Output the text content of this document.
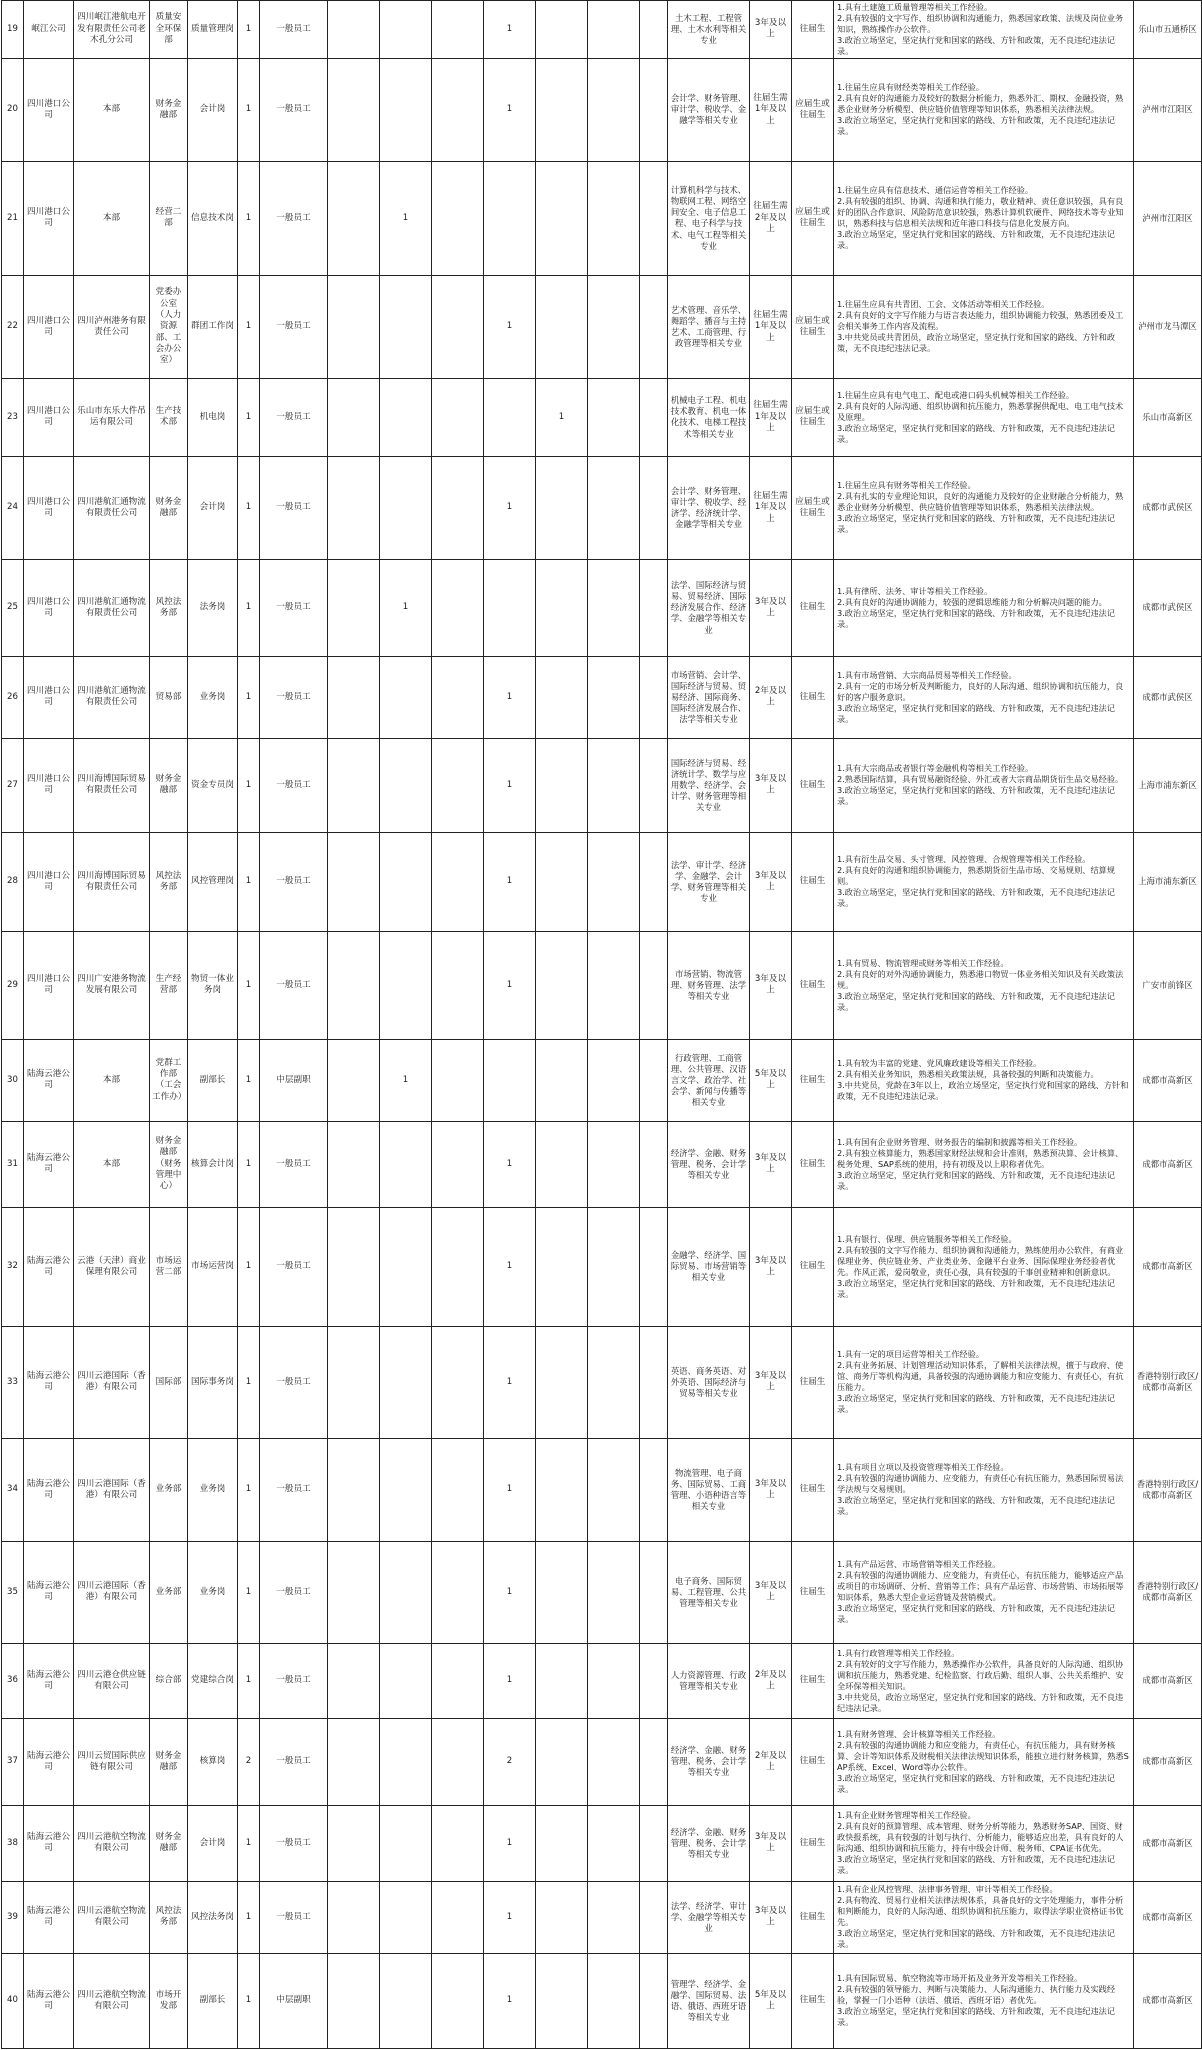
19	岷江公司	四川岷江港航电开发有限责任公司老木孔分公司	质量安全环保部	质量管理岗	1	一般员工				1				土木工程、工程管理、土木水利等相关专业	3年及以上	往届生	1.具有土建施工质量管理等相关工作经验。
2.具有较强的文字写作、组织协调和沟通能力，熟悉国家政策、法规及岗位业务知识，熟练操作办公软件。
3.政治立场坚定，坚定执行党和国家的路线、方针和政策，无不良违纪违法记录。	乐山市五通桥区
20	四川港口公司	本部	财务金融部	会计岗	1	一般员工				1				会计学、财务管理、审计学、税收学、金融学等相关专业	往届生需1年及以上	应届生或往届生	1.往届生应具有财经类等相关工作经验。
2.具有良好的沟通能力及较好的数据分析能力，熟悉外汇、期权、金融投资，熟悉企业财务分析模型、供应链价值管理等知识体系，熟悉相关法律法规。
3.政治立场坚定，坚定执行党和国家的路线、方针和政策，无不良违纪违法记录。	泸州市江阳区
21	四川港口公司	本部	经营二部	信息技术岗	1	一般员工		1						计算机科学与技术、物联网工程、网络空间安全、电子信息工程、电子科学与技术、电气工程等相关专业	往届生需2年及以上	应届生或往届生	1.往届生应具有信息技术、通信运营等相关工作经验。
2.具有较强的组织、协调、沟通和执行能力，敬业精神、责任意识较强，具有良好的团队合作意识、风险防范意识较强，熟悉计算机软硬件、网络技术等专业知识，熟悉科技与信息相关法规和近年港口科技与信息化发展方向。
3.政治立场坚定，坚定执行党和国家的路线、方针和政策，无不良违纪违法记录。	泸州市江阳区
22	四川港口公司	四川泸州港务有限责任公司	党委办公室（人力资源部、工会办公室）	群团工作岗	1	一般员工				1				艺术管理、音乐学、舞蹈学、播音与主持艺术、工商管理、行政管理等相关专业	往届生需1年及以上	应届生或往届生	1.往届生应具有共青团、工会、文体活动等相关工作经验。
2.具有良好的文字写作能力与语言表达能力，组织协调能力较强，熟悉团委及工会相关事务工作内容及流程。
3.中共党员或共青团员，政治立场坚定，坚定执行党和国家的路线、方针和政策，无不良违纪违法记录。	泸州市龙马潭区
23	四川港口公司	乐山市东乐大件吊运有限公司	生产技术部	机电岗	1	一般员工					1			机械电子工程、机电技术教育、机电一体化技术、电梯工程技术等相关专业	往届生需1年及以上	应届生或往届生	1.往届生应具有电气电工、配电或港口码头机械等相关工作经验。
2.具有良好的人际沟通、组织协调和抗压能力，熟悉掌握供配电、电工电气技术及原理。
3.政治立场坚定，坚定执行党和国家的路线、方针和政策，无不良违纪违法记录。	乐山市高新区
24	四川港口公司	四川港航汇通物流有限责任公司	财务金融部	会计岗	1	一般员工				1				会计学、财务管理、审计学、税收学、经济学、经济统计学、金融学等相关专业	往届生需1年及以上	应届生或往届生	1.往届生应具有财务等相关工作经验。
2.具有扎实的专业理论知识，良好的沟通能力及较好的企业财融合分析能力，熟悉企业财务分析模型、供应链价值管理等知识体系，熟悉相关法律法规。
3.政治立场坚定，坚定执行党和国家的路线、方针和政策，无不良违纪违法记录。	成都市武侯区
25	四川港口公司	四川港航汇通物流有限责任公司	风控法务部	法务岗	1	一般员工		1						法学、国际经济与贸易、贸易经济、国际经济发展合作、经济学、金融学等相关专业	3年及以上	往届生	1.具有律所、法务、审计等相关工作经验。
2.具有良好的沟通协调能力，较强的逻辑思维能力和分析解决问题的能力。
3.政治立场坚定，坚定执行党和国家的路线、方针和政策，无不良违纪违法记录。	成都市武侯区
26	四川港口公司	四川港航汇通物流有限责任公司	贸易部	业务岗	1	一般员工				1				市场营销、会计学、国际经济与贸易、贸易经济、国际商务、国际经济发展合作、法学等相关专业	2年及以上	往届生	1.具有市场营销、大宗商品贸易等相关工作经验。
2.具有一定的市场分析及判断能力，良好的人际沟通、组织协调和抗压能力，良好的客户服务意识。
3.政治立场坚定，坚定执行党和国家的路线、方针和政策，无不良违纪违法记录。	成都市武侯区
27	四川港口公司	四川海博国际贸易有限责任公司	财务金融部	资金专员岗	1	一般员工				1				国际经济与贸易、经济统计学、数学与应用数学、经济学、会计学、财务管理等相关专业	3年及以上	往届生	1.具有大宗商品或者银行等金融机构等相关工作经验。
2.熟悉国际结算，具有贸易融资经验、外汇或者大宗商品期货衍生品交易经验。
3.政治立场坚定，坚定执行党和国家的路线、方针和政策，无不良违纪违法记录。	上海市浦东新区
28	四川港口公司	四川海博国际贸易有限责任公司	风控法务部	风控管理岗	1	一般员工				1				法学、审计学、经济学、金融学、会计学、财务管理等相关专业	3年及以上	往届生	1.具有衍生品交易、头寸管理、风控管理、合规管理等相关工作经验。
2.具有良好的沟通和组织协调能力，熟悉期货衍生品市场、交易规则、结算规则。
3.政治立场坚定，坚定执行党和国家的路线、方针和政策，无不良违纪违法记录。	上海市浦东新区
29	四川港口公司	四川广安港务物流发展有限公司	生产经营部	物贸一体业务岗	1	一般员工				1				市场营销、物流管理、财务管理、法学等相关专业	3年及以上	往届生	1.具有贸易、物流管理或财务等相关工作经验。
2.具有良好的对外沟通协调能力，熟悉港口物贸一体业务相关知识及有关政策法规。
3.政治立场坚定，坚定执行党和国家的路线、方针和政策，无不良违纪违法记录。	广安市前锋区
30	陆海云港公司	本部	党群工作部（工会工作办）	副部长	1	中层副职		1						行政管理、工商管理、公共管理、汉语言文学、政治学、社会学、新闻与传播等相关专业	5年及以上	往届生	1.具有较为丰富的党建、党风廉政建设等相关工作经验。
2.具有相关业务知识，熟悉相关政策法规，具备较强的判断和决策能力。
3.中共党员，党龄在3年以上，政治立场坚定，坚定执行党和国家的路线、方针和政策，无不良违纪违法记录。	成都市高新区
31	陆海云港公司	本部	财务金融部（财务管理中心）	核算会计岗	1	一般员工				1				经济学、金融、财务管理、税务、会计学等相关专业	3年及以上	往届生	1.具有国有企业财务管理、财务报告的编制和披露等相关工作经验。
2.具有独立核算能力，熟悉国家财经法规和会计准则，熟悉预决算、会计核算、税务处理、SAP系统的使用，持有初级及以上职称者优先。
3.政治立场坚定，坚定执行党和国家的路线、方针和政策，无不良违纪违法记录。	成都市高新区
32	陆海云港公司	云港（天津）商业保理有限公司	市场运营二部	市场运营岗	1	一般员工				1				金融学、经济学、国际贸易、市场营销等相关专业	3年及以上	往届生	1.具有银行、保理、供应链服务等相关工作经验。
2.具有较强的文字写作能力、组织协调和沟通能力，熟练使用办公软件，有商业保理业务、供应链业务、产业类业务、金融平台业务、国际保理业务经验者优先。作风正派，爱岗敬业，责任心强，具有较强的干事创业精神和创新意识。
3.政治立场坚定，坚定执行党和国家的路线、方针和政策，无不良违纪违法记录。	成都市高新区
33	陆海云港公司	四川云港国际（香港）有限公司	国际部	国际事务岗	1	一般员工				1				英语、商务英语、对外英语、国际经济与贸易等相关专业	3年及以上	往届生	1.具有一定的项目运营等相关工作经验。
2.具有业务拓展、计划管理活动知识体系，了解相关法律法规，擅于与政府、使馆、商务厅等机构沟通，具备较强的沟通协调能力和应变能力、有责任心，有抗压能力。
3.政治立场坚定，坚定执行党和国家的路线、方针和政策，无不良违纪违法记录。	香港特别行政区/成都市高新区
34	陆海云港公司	四川云港国际（香港）有限公司	业务部	业务岗	1	一般员工				1				物流管理、电子商务、国际贸易、工商管理、小语种语言等相关专业	3年及以上	往届生	1.具有项目立项以及投资管理等相关工作经验。
2.具有较强的沟通协调能力、应变能力，有责任心有抗压能力，熟悉国际贸易法学法规与交易规则。
3.政治立场坚定，坚定执行党和国家的路线、方针和政策，无不良违纪违法记录。	香港特别行政区/成都市高新区
35	陆海云港公司	四川云港国际（香港）有限公司	业务部	业务岗	1	一般员工				1				电子商务、国际贸易、工程管理、公共管理等相关专业	3年及以上	往届生	1.具有产品运营、市场营销等相关工作经验。
2.具有较强的沟通协调能力、应变能力，有责任心，有抗压能力，能够适应产品或项目的市场调研、分析、营销等工作；具有产品运营、市场营销、市场拓展等知识体系，熟悉大型企业运营链及营销模式。
3.政治立场坚定，坚定执行党和国家的路线、方针和政策，无不良违纪违法记录。	香港特别行政区/成都市高新区
36	陆海云港公司	四川云港仓供应链有限公司	综合部	党建综合岗	1	一般员工				1				人力资源管理、行政管理等相关专业	2年及以上	往届生	1.具有行政管理等相关工作经验。
2.具有较好的文字写作能力，熟悉操作办公软件，具备良好的人际沟通、组织协调和抗压能力，熟悉党建、纪检监察、行政后勤、组织人事、公共关系维护、安全环保等相关知识。
3.中共党员，政治立场坚定，坚定执行党和国家的路线、方针和政策，无不良违纪违法记录。	成都市高新区
37	陆海云港公司	四川云贸国际供应链有限公司	财务金融部	核算岗	2	一般员工				2				经济学、金融、财务管理、税务、会计学等相关专业	2年及以上	往届生	1.具有财务管理、会计核算等相关工作经验。
2.具有较强的沟通协调能力和应变能力，有责任心，有抗压能力，具有财务核算、会计等知识体系及财税相关法律法规知识体系，能独立进行财务核算，熟悉SAP系统、Excel、Word等办公软件。
3.政治立场坚定，坚定执行党和国家的路线、方针和政策，无不良违纪违法记录。	成都市高新区
38	陆海云港公司	四川云港航空物流有限公司	财务金融部	会计岗	1	一般员工				1				经济学、金融、财务管理、税务、会计学等相关专业	3年及以上	往届生	1.具有企业财务管理等相关工作经验。
2.具有良好的预算管理、成本管理、财务分析等能力，熟悉财务SAP、国资、财政快报系统，具有较强的计划与执行、分析能力，能够适应出差，具有良好的人际沟通、组织协调和抗压能力，持有中级会计师、税务师、CPA证书优先。
3.政治立场坚定，坚定执行党和国家的路线、方针和政策，无不良违纪违法记录。	成都市高新区
39	陆海云港公司	四川云港航空物流有限公司	风控法务部	风控法务岗	1	一般员工				1				法学、经济学、审计学、金融学等相关专业	3年及以上	往届生	1.具有企业风控管理、法律事务管理、审计等相关工作经验。
2.具有物流、贸易行业相关法律法规体系，具备良好的文字处理能力，事件分析和判断能力，良好的人际沟通、组织协调和抗压能力，取得法学职业资格证书优先。
3.政治立场坚定，坚定执行党和国家的路线、方针和政策，无不良违纪违法记录。	成都市高新区
40	陆海云港公司	四川云港航空物流有限公司	市场开发部	副部长	1	中层副职				1				管理学、经济学、金融学、国际贸易、法语、俄语、西班牙语等相关专业	5年及以上	往届生	1.具有国际贸易、航空物流等市场开拓及业务开发等相关工作经验。
2.具有较强的领导能力、判断与决策能力、人际沟通能力、执行能力及实践经验，掌握一门小语种（法语、俄语、西班牙语）者优先。
3.政治立场坚定，坚定执行党和国家的路线、方针和政策，无不良违纪违法记录。	成都市高新区
